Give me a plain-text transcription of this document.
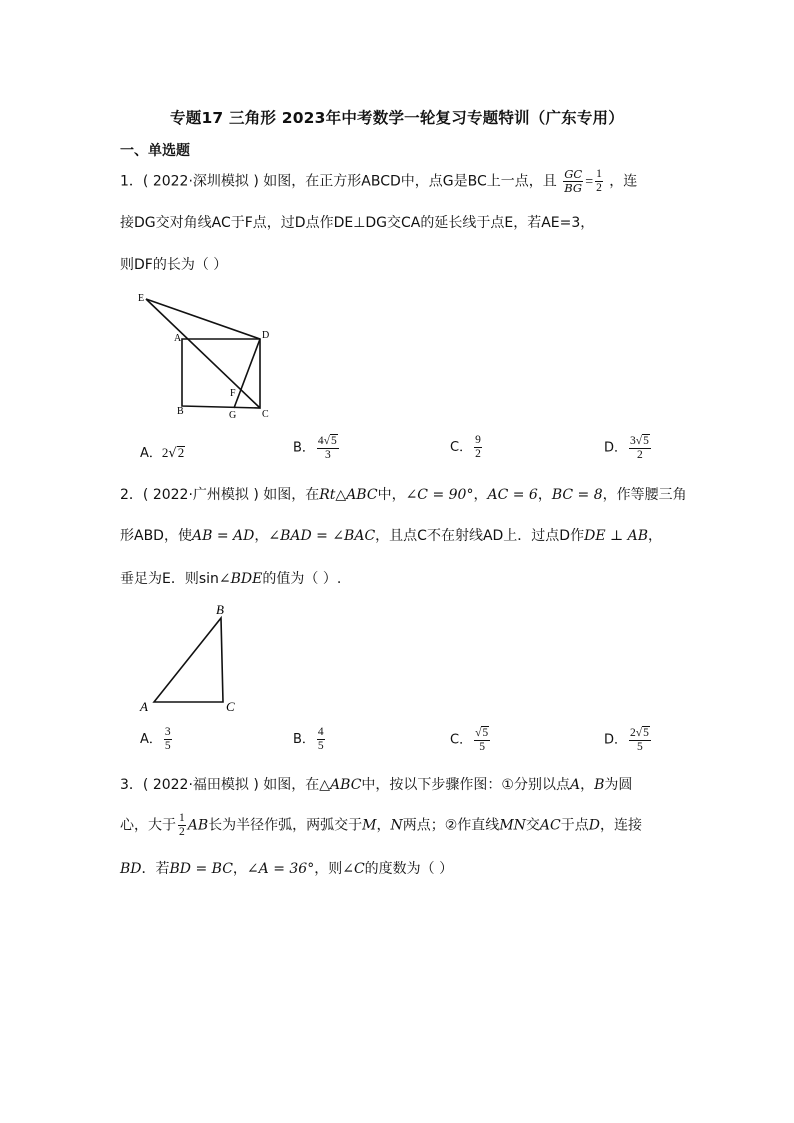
专题17 三角形 2023年中考数学一轮复习专题特训（广东专用）
一、单选题
1．( 2022·深圳模拟 ) 如图，在正方形ABCD中，点G是BC上一点，且 $\frac{GC}{BG} = \frac{1}{2}$ ，连
接DG交对角线AC于F点，过D点作DE⊥DG交CA的延长线于点E，若AE=3，
则DF的长为（ ）
E
A	D
F
B	G	C
A．2√2	B． $\frac{4√5}{3}$	C． $\frac{9}{2}$	D． $\frac{3√5}{2}$
2．( 2022·广州模拟 ) 如图，在Rt△ABC中，∠C = 90°，AC = 6，BC = 8，作等腰三角
形ABD，使AB = AD，∠BAD = ∠BAC，且点C不在射线AD上．过点D作DE ⊥ AB，
垂足为E．则sin∠BDE的值为（ ）.
B
A	C
A． $\frac{3}{5}$	B． $\frac{4}{5}$	C． $\frac{√5}{5}$	D． $\frac{2√5}{5}$
3．( 2022·福田模拟 ) 如图，在△ABC中，按以下步骤作图：①分别以点A，B为圆
心，大于 $\frac{1}{2}$ AB长为半径作弧，两弧交于M，N两点；②作直线MN交AC于点D，连接
BD．若BD = BC，∠A = 36°，则∠C的度数为（ ）
